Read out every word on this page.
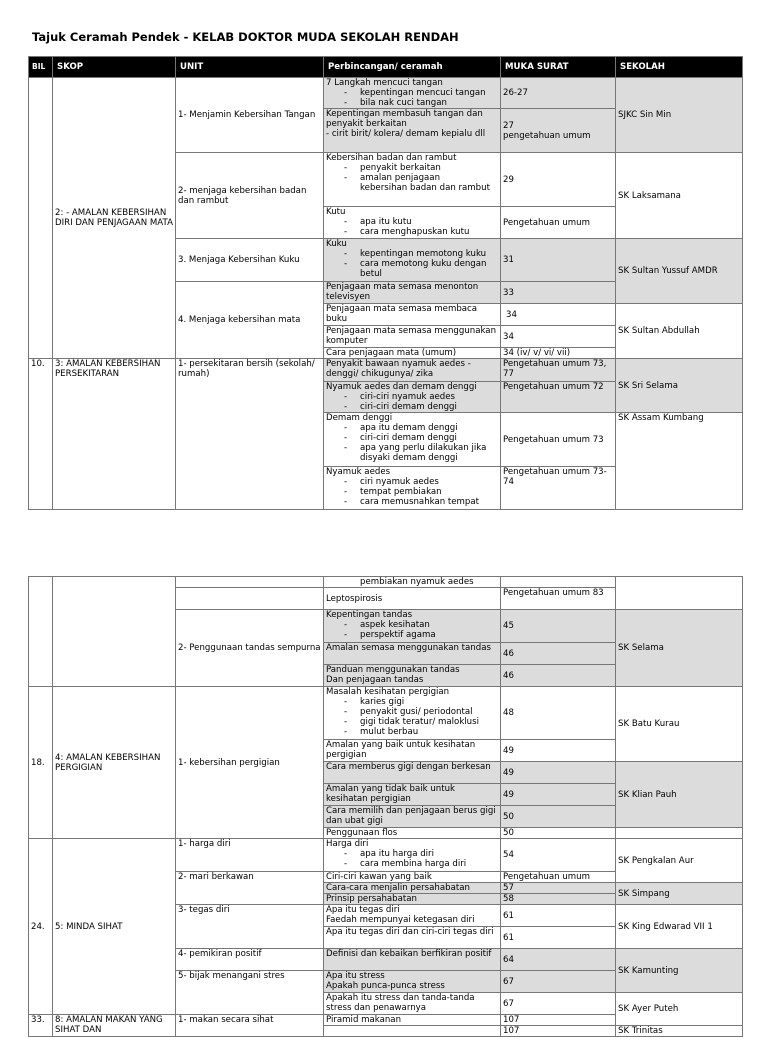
Tajuk Ceramah Pendek - KELAB DOKTOR MUDA SEKOLAH RENDAH
BIL	SKOP	UNIT	Perbincangan/ ceramah	MUKA SURAT	SEKOLAH
	2: - AMALAN KEBERSIHAN DIRI DAN PENJAGAAN MATA	1- Menjamin Kebersihan Tangan	7 Langkah mencuci tangan
- kepentingan mencuci tangan
- bila nak cuci tangan	26-27	SJKC Sin Min
			Kepentingan membasuh tangan dan penyakit berkaitan
- cirit birit/ kolera/ demam kepialu dll	27
pengetahuan umum	
		2- menjaga kebersihan badan dan rambut	Kebersihan badan dan rambut
- penyakit berkaitan
- amalan penjagaan
kebersihan badan dan rambut	29	SK Laksamana
			Kutu
- apa itu kutu
- cara menghapuskan kutu	Pengetahuan umum	
		3. Menjaga Kebersihan Kuku	Kuku
- kepentingan memotong kuku
- cara memotong kuku dengan
betul	31	SK Sultan Yussuf AMDR
		4. Menjaga kebersihan mata	Penjagaan mata semasa menonton televisyen	33	
			Penjagaan mata semasa membaca buku	34	SK Sultan Abdullah
			Penjagaan mata semasa menggunakan komputer	34	
			Cara penjagaan mata (umum)	34 (iv/ v/ vi/ vii)	
10.	3: AMALAN KEBERSIHAN PERSEKITARAN	1- persekitaran bersih (sekolah/ rumah)	Penyakit bawaan nyamuk aedes - denggi/ chikugunya/ zika	Pengetahuan umum 73, 77	SK Sri Selama
			Nyamuk aedes dan demam denggi
- ciri-ciri nyamuk aedes
- ciri-ciri demam denggi	Pengetahuan umum 72	
			Demam denggi
- apa itu demam denggi
- ciri-ciri demam denggi
- apa yang perlu dilakukan jika
disyaki demam denggi	Pengetahuan umum 73	SK Assam Kumbang
			Nyamuk aedes
- ciri nyamuk aedes
- tempat pembiakan
- cara memusnahkan tempat	Pengetahuan umum 73-74	

			pembiakan nyamuk aedes		

			Leptospirosis	Pengetahuan umum 83	
		2- Penggunaan tandas sempurna	Kepentingan tandas
- aspek kesihatan
- perspektif agama	45	SK Selama
			Amalan semasa menggunakan tandas	46	
			Panduan menggunakan tandas
Dan penjagaan tandas	46	
18.	4: AMALAN KEBERSIHAN PERGIGIAN	1- kebersihan pergigian	Masalah kesihatan pergigian
- karies gigi
- penyakit gusi/ periodontal
- gigi tidak teratur/ maloklusi
- mulut berbau	48	SK Batu Kurau
			Amalan yang baik untuk kesihatan pergigian	49	
			Cara memberus gigi dengan berkesan	49	SK Klian Pauh
			Amalan yang tidak baik untuk kesihatan pergigian	49	
			Cara memilih dan penjagaan berus gigi dan ubat gigi	50	
			Penggunaan flos	50	
24.	5: MINDA SIHAT	1- harga diri	Harga diri
- apa itu harga diri
- cara membina harga diri	54	SK Pengkalan Aur
		2- mari berkawan	Ciri-ciri kawan yang baik	Pengetahuan umum	
			Cara-cara menjalin persahabatan	57	SK Simpang
			Prinsip persahabatan	58	
		3- tegas diri	Apa itu tegas diri
Faedah mempunyai ketegasan diri	61	SK King Edwarad VII 1
			Apa itu tegas diri dan ciri-ciri tegas diri	61	
		4- pemikiran positif	Definisi dan kebaikan berfikiran positif	64	SK Kamunting
		5- bijak menangani stres	Apa itu stress
Apakah punca-punca stress	67	
			Apakah itu stress dan tanda-tanda stress dan penawarnya	67	SK Ayer Puteh
33.	8: AMALAN MAKAN YANG SIHAT DAN	1- makan secara sihat	Piramid makanan	107	
				107	SK Trinitas
